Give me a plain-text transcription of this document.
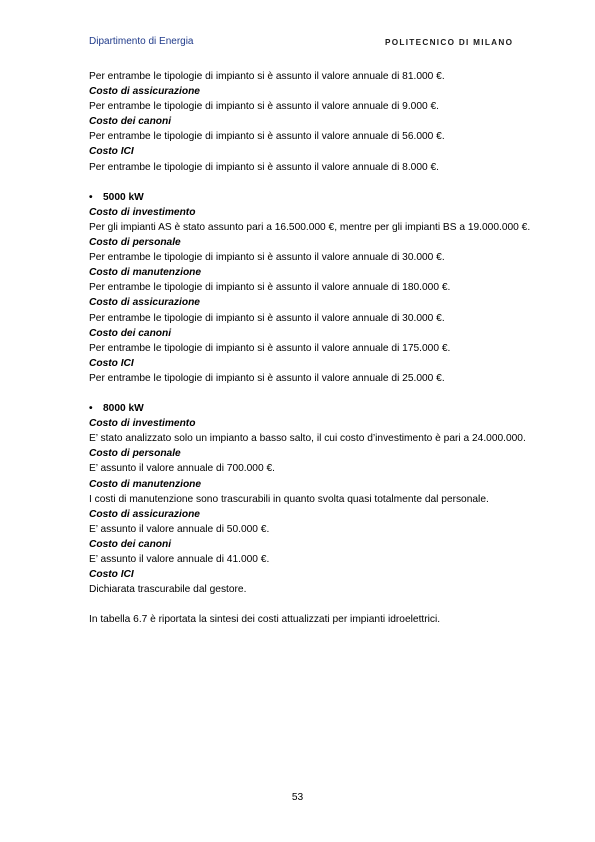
Dipartimento di Energia	POLITECNICO DI MILANO
Per entrambe le tipologie di impianto si è assunto il valore annuale di 81.000 €.
Costo di assicurazione
Per entrambe le tipologie di impianto si è assunto il valore annuale di 9.000 €.
Costo dei canoni
Per entrambe le tipologie di impianto si è assunto il valore annuale di 56.000 €.
Costo ICI
Per entrambe le tipologie di impianto si è assunto il valore annuale di 8.000 €.
• 5000 kW
Costo di investimento
Per gli impianti AS è stato assunto pari a 16.500.000 €, mentre per gli impianti BS a 19.000.000 €.
Costo di personale
Per entrambe le tipologie di impianto si è assunto il valore annuale di 30.000 €.
Costo di manutenzione
Per entrambe le tipologie di impianto si è assunto il valore annuale di 180.000 €.
Costo di assicurazione
Per entrambe le tipologie di impianto si è assunto il valore annuale di 30.000 €.
Costo dei canoni
Per entrambe le tipologie di impianto si è assunto il valore annuale di 175.000 €.
Costo ICI
Per entrambe le tipologie di impianto si è assunto il valore annuale di 25.000 €.
• 8000 kW
Costo di investimento
E’ stato analizzato solo un impianto a basso salto, il cui costo d’investimento è pari a 24.000.000.
Costo di personale
E’ assunto il valore annuale di 700.000 €.
Costo di manutenzione
I costi di manutenzione sono trascurabili in quanto svolta quasi totalmente dal personale.
Costo di assicurazione
E’ assunto il valore annuale di 50.000 €.
Costo dei canoni
E’ assunto il valore annuale di 41.000 €.
Costo ICI
Dichiarata trascurabile dal gestore.
In tabella 6.7 è riportata la sintesi dei costi attualizzati per impianti idroelettrici.
53
